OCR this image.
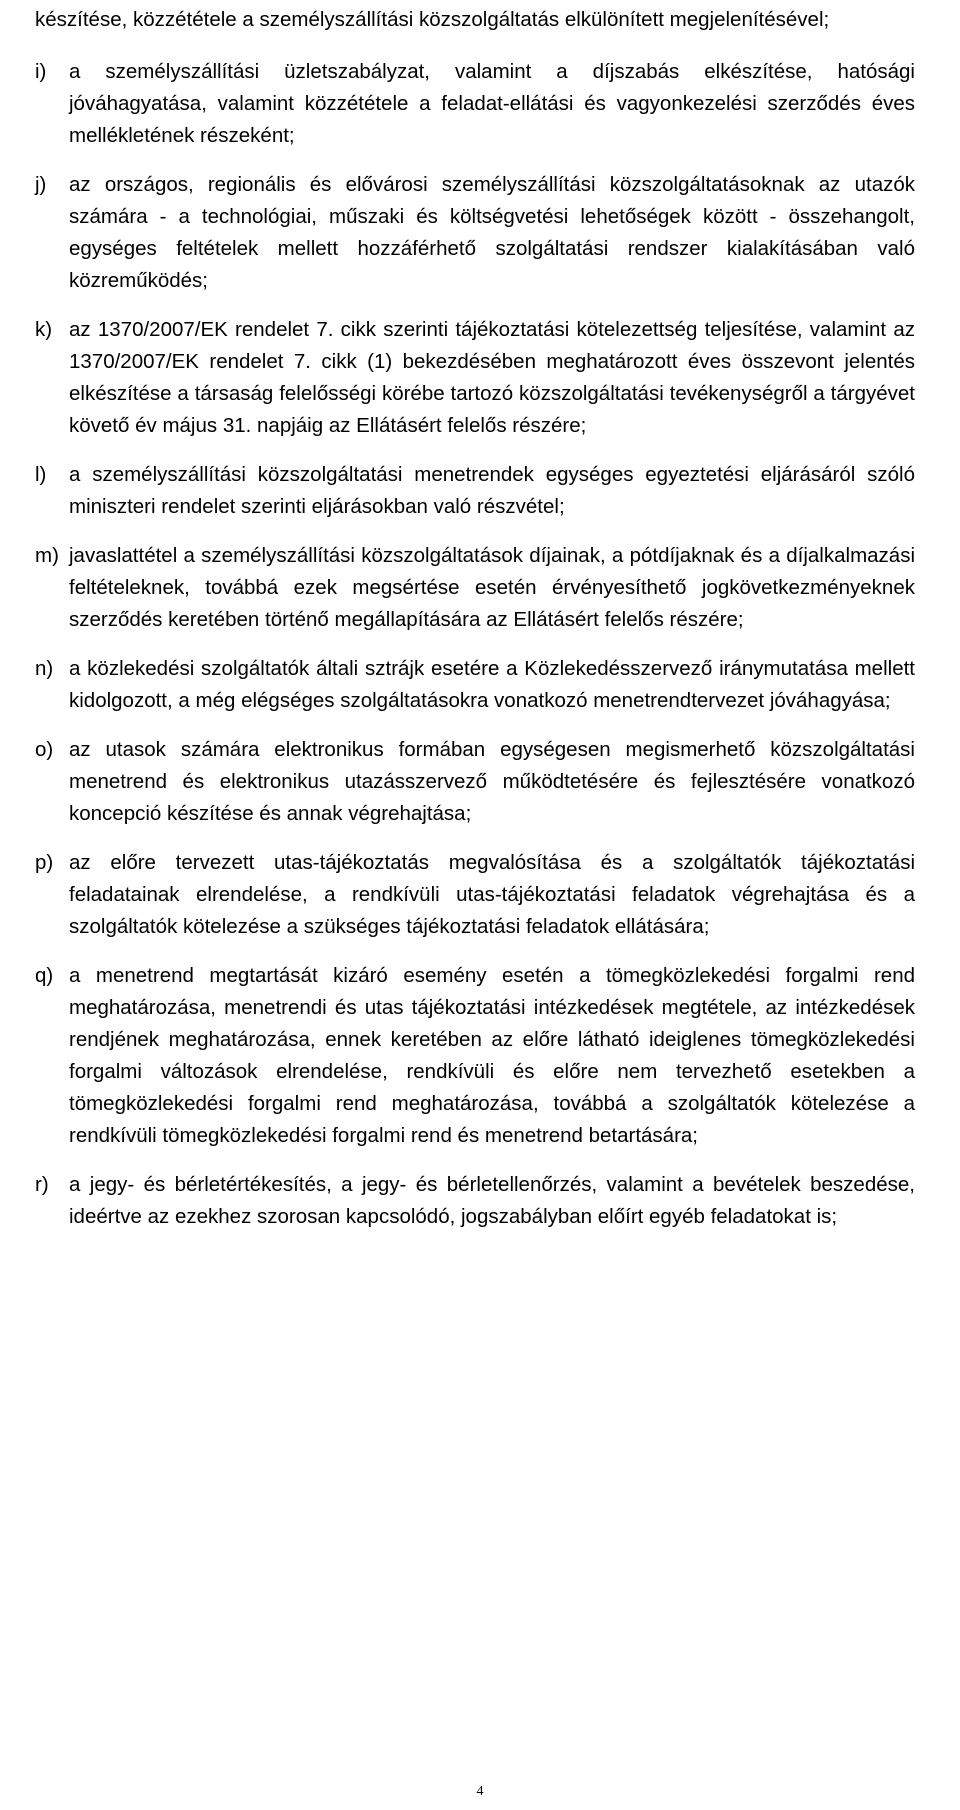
készítése, közzététele a személyszállítási közszolgáltatás elkülönített megjelenítésével;

i)	a személyszállítási üzletszabályzat, valamint a díjszabás elkészítése, hatósági jóváhagyatása, valamint közzététele a feladat-ellátási és vagyonkezelési szerződés éves mellékletének részeként;

j)	az országos, regionális és elővárosi személyszállítási közszolgáltatásoknak az utazók számára - a technológiai, műszaki és költségvetési lehetőségek között - összehangolt, egységes feltételek mellett hozzáférhető szolgáltatási rendszer kialakításában való közreműködés;

k) az 1370/2007/EK rendelet 7. cikk szerinti tájékoztatási kötelezettség teljesítése, valamint az 1370/2007/EK rendelet 7. cikk (1) bekezdésében meghatározott éves összevont jelentés elkészítése a társaság felelősségi körébe tartozó közszolgáltatási tevékenységről a tárgyévet követő év május 31. napjáig az Ellátásért felelős részére;

l)	a személyszállítási közszolgáltatási menetrendek egységes egyeztetési eljárásáról szóló miniszteri rendelet szerinti eljárásokban való részvétel;

m) javaslattétel a személyszállítási közszolgáltatások díjainak, a pótdíjaknak és a díjalkalmazási feltételeknek, továbbá ezek megsértése esetén érvényesíthető jogkövetkezményeknek szerződés keretében történő megállapítására az Ellátásért felelős részére;

n) a közlekedési szolgáltatók általi sztrájk esetére a Közlekedésszervező iránymutatása mellett kidolgozott, a még elégséges szolgáltatásokra vonatkozó menetrendtervezet jóváhagyása;

o) az utasok számára elektronikus formában egységesen megismerhető közszolgáltatási menetrend és elektronikus utazásszervező működtetésére és fejlesztésére vonatkozó koncepció készítése és annak végrehajtása;

p) az előre tervezett utas-tájékoztatás megvalósítása és a szolgáltatók tájékoztatási feladatainak elrendelése, a rendkívüli utas-tájékoztatási feladatok végrehajtása és a szolgáltatók kötelezése a szükséges tájékoztatási feladatok ellátására;

q) a menetrend megtartását kizáró esemény esetén a tömegközlekedési forgalmi rend meghatározása, menetrendi és utas tájékoztatási intézkedések megtétele, az intézkedések rendjének meghatározása, ennek keretében az előre látható ideiglenes tömegközlekedési forgalmi változások elrendelése, rendkívüli és előre nem tervezhető esetekben a tömegközlekedési forgalmi rend meghatározása, továbbá a szolgáltatók kötelezése a rendkívüli tömegközlekedési forgalmi rend és menetrend betartására;

r) a jegy- és bérletértékesítés, a jegy- és bérletellenőrzés, valamint a bevételek beszedése, ideértve az ezekhez szorosan kapcsolódó, jogszabályban előírt egyéb feladatokat is;

4
